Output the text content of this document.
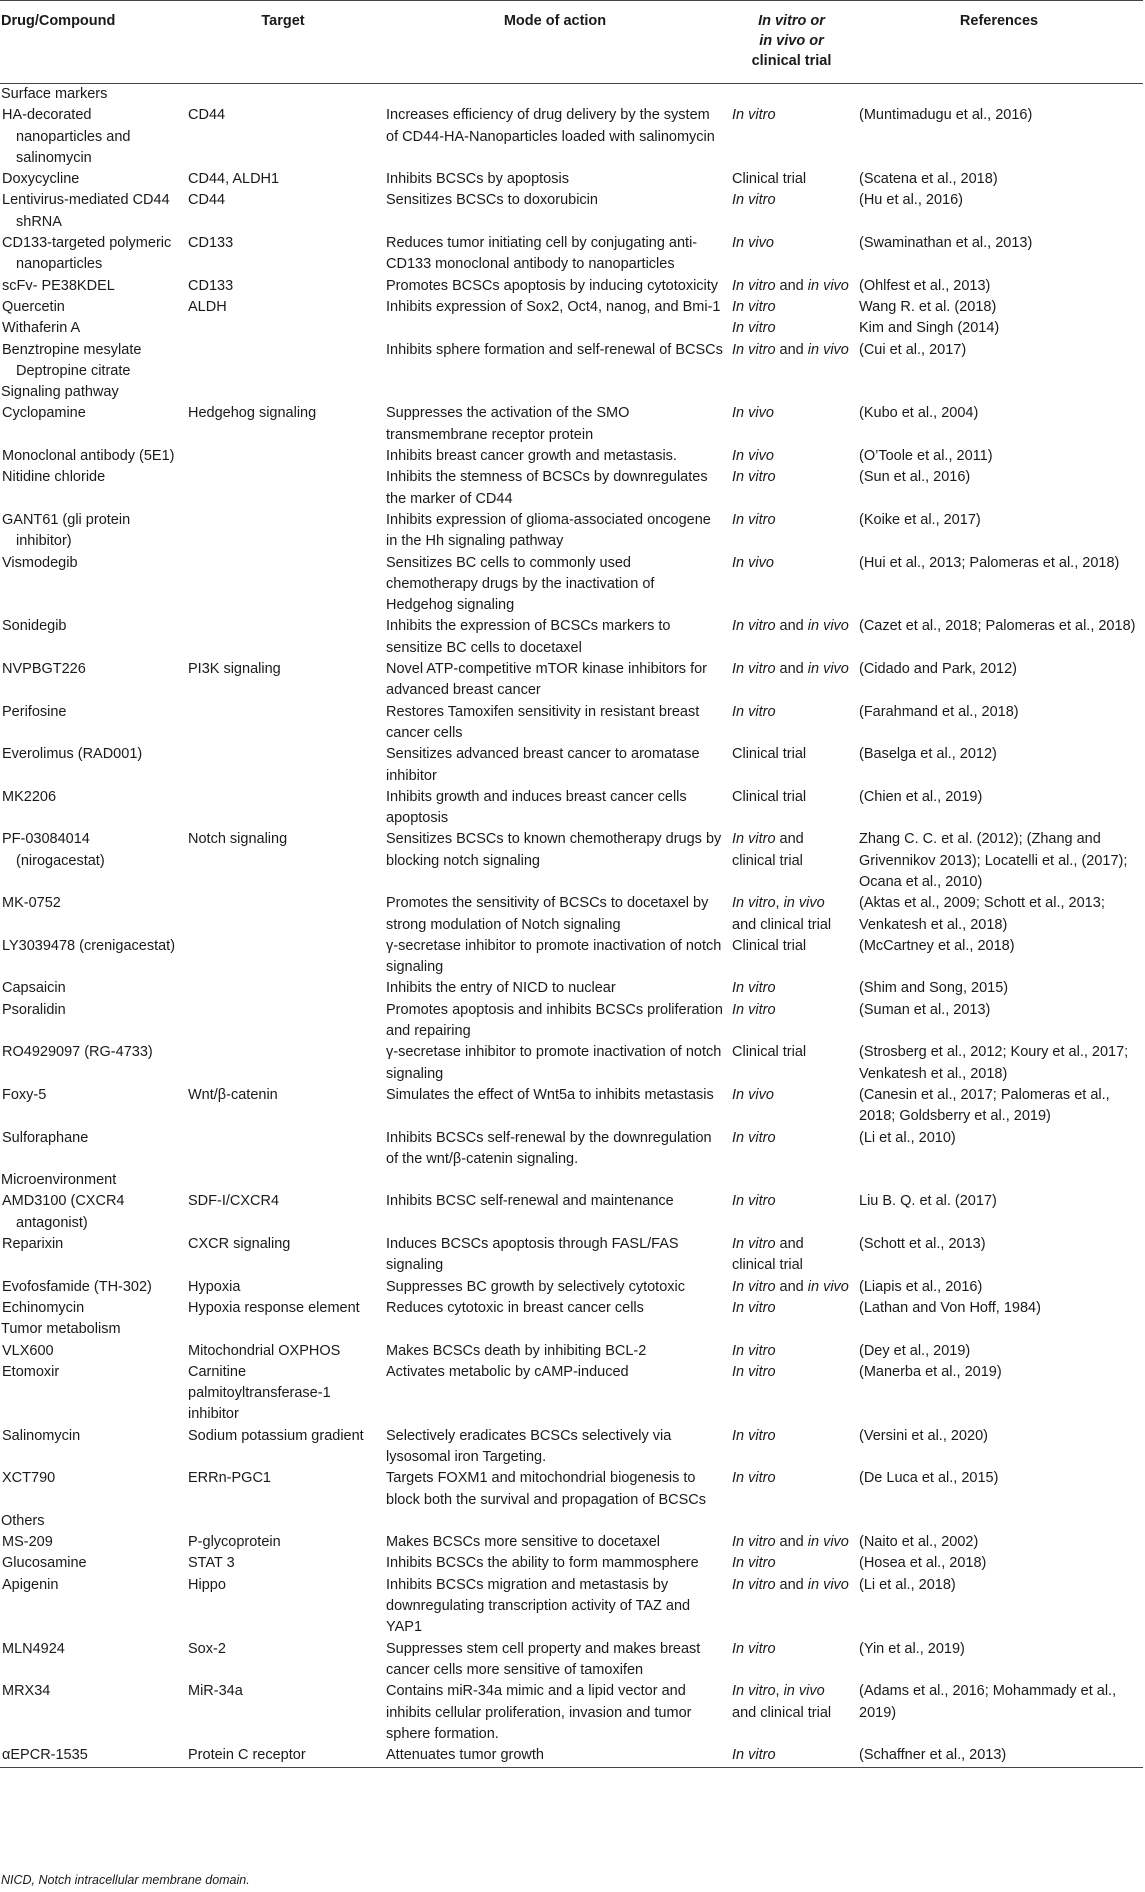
Drug/Compound	Target	Mode of action	In vitro or
in vivo or
clinical trial	References
Surface markers				
HA-decorated nanoparticles and salinomycin	CD44	Increases efficiency of drug delivery by the system of CD44-HA-Nanoparticles loaded with salinomycin	In vitro	(Muntimadugu et al., 2016)
Doxycycline	CD44, ALDH1	Inhibits BCSCs by apoptosis	Clinical trial	(Scatena et al., 2018)
Lentivirus-mediated CD44 shRNA	CD44	Sensitizes BCSCs to doxorubicin	In vitro	(Hu et al., 2016)
CD133-targeted polymeric nanoparticles	CD133	Reduces tumor initiating cell by conjugating anti-CD133 monoclonal antibody to nanoparticles	In vivo	(Swaminathan et al., 2013)
scFv- PE38KDEL	CD133	Promotes BCSCs apoptosis by inducing cytotoxicity	In vitro and in vivo	(Ohlfest et al., 2013)
Quercetin	ALDH	Inhibits expression of Sox2, Oct4, nanog, and Bmi-1	In vitro	Wang R. et al. (2018)
Withaferin A			In vitro	Kim and Singh (2014)
Benztropine mesylate Deptropine citrate		Inhibits sphere formation and self-renewal of BCSCs	In vitro and in vivo	(Cui et al., 2017)
Signaling pathway				
Cyclopamine	Hedgehog signaling	Suppresses the activation of the SMO transmembrane receptor protein	In vivo	(Kubo et al., 2004)
Monoclonal antibody (5E1)		Inhibits breast cancer growth and metastasis.	In vivo	(O’Toole et al., 2011)
Nitidine chloride		Inhibits the stemness of BCSCs by downregulates the marker of CD44	In vitro	(Sun et al., 2016)
GANT61 (gli protein inhibitor)		Inhibits expression of glioma-associated oncogene in the Hh signaling pathway	In vitro	(Koike et al., 2017)
Vismodegib		Sensitizes BC cells to commonly used chemotherapy drugs by the inactivation of Hedgehog signaling	In vivo	(Hui et al., 2013; Palomeras et al., 2018)
Sonidegib		Inhibits the expression of BCSCs markers to sensitize BC cells to docetaxel	In vitro and in vivo	(Cazet et al., 2018; Palomeras et al., 2018)
NVPBGT226	PI3K signaling	Novel ATP-competitive mTOR kinase inhibitors for advanced breast cancer	In vitro and in vivo	(Cidado and Park, 2012)
Perifosine		Restores Tamoxifen sensitivity in resistant breast cancer cells	In vitro	(Farahmand et al., 2018)
Everolimus (RAD001)		Sensitizes advanced breast cancer to aromatase inhibitor	Clinical trial	(Baselga et al., 2012)
MK2206		Inhibits growth and induces breast cancer cells apoptosis	Clinical trial	(Chien et al., 2019)
PF-03084014 (nirogacestat)	Notch signaling	Sensitizes BCSCs to known chemotherapy drugs by blocking notch signaling	In vitro and clinical trial	Zhang C. C. et al. (2012); (Zhang and Grivennikov 2013); Locatelli et al., (2017); Ocana et al., 2010)
MK-0752		Promotes the sensitivity of BCSCs to docetaxel by strong modulation of Notch signaling	In vitro, in vivo and clinical trial	(Aktas et al., 2009; Schott et al., 2013; Venkatesh et al., 2018)
LY3039478 (crenigacestat)		γ-secretase inhibitor to promote inactivation of notch signaling	Clinical trial	(McCartney et al., 2018)
Capsaicin		Inhibits the entry of NICD to nuclear	In vitro	(Shim and Song, 2015)
Psoralidin		Promotes apoptosis and inhibits BCSCs proliferation and repairing	In vitro	(Suman et al., 2013)
RO4929097 (RG-4733)		γ-secretase inhibitor to promote inactivation of notch signaling	Clinical trial	(Strosberg et al., 2012; Koury et al., 2017; Venkatesh et al., 2018)
Foxy-5	Wnt/β-catenin	Simulates the effect of Wnt5a to inhibits metastasis	In vivo	(Canesin et al., 2017; Palomeras et al., 2018; Goldsberry et al., 2019)
Sulforaphane		Inhibits BCSCs self-renewal by the downregulation of the wnt/β-catenin signaling.	In vitro	(Li et al., 2010)
Microenvironment				
AMD3100 (CXCR4 antagonist)	SDF-I/CXCR4	Inhibits BCSC self-renewal and maintenance	In vitro	Liu B. Q. et al. (2017)
Reparixin	CXCR signaling	Induces BCSCs apoptosis through FASL/FAS signaling	In vitro and clinical trial	(Schott et al., 2013)
Evofosfamide (TH-302)	Hypoxia	Suppresses BC growth by selectively cytotoxic	In vitro and in vivo	(Liapis et al., 2016)
Echinomycin	Hypoxia response element	Reduces cytotoxic in breast cancer cells	In vitro	(Lathan and Von Hoff, 1984)
Tumor metabolism				
VLX600	Mitochondrial OXPHOS	Makes BCSCs death by inhibiting BCL-2	In vitro	(Dey et al., 2019)
Etomoxir	Carnitine palmitoyltransferase-1 inhibitor	Activates metabolic by cAMP-induced	In vitro	(Manerba et al., 2019)
Salinomycin	Sodium potassium gradient	Selectively eradicates BCSCs selectively via lysosomal iron Targeting.	In vitro	(Versini et al., 2020)
XCT790	ERRn-PGC1	Targets FOXM1 and mitochondrial biogenesis to block both the survival and propagation of BCSCs	In vitro	(De Luca et al., 2015)
Others				
MS-209	P-glycoprotein	Makes BCSCs more sensitive to docetaxel	In vitro and in vivo	(Naito et al., 2002)
Glucosamine	STAT 3	Inhibits BCSCs the ability to form mammosphere	In vitro	(Hosea et al., 2018)
Apigenin	Hippo	Inhibits BCSCs migration and metastasis by downregulating transcription activity of TAZ and YAP1	In vitro and in vivo	(Li et al., 2018)
MLN4924	Sox-2	Suppresses stem cell property and makes breast cancer cells more sensitive of tamoxifen	In vitro	(Yin et al., 2019)
MRX34	MiR-34a	Contains miR-34a mimic and a lipid vector and inhibits cellular proliferation, invasion and tumor sphere formation.	In vitro, in vivo and clinical trial	(Adams et al., 2016; Mohammady et al., 2019)
αEPCR-1535	Protein C receptor	Attenuates tumor growth	In vitro	(Schaffner et al., 2013)
NICD, Notch intracellular membrane domain.
